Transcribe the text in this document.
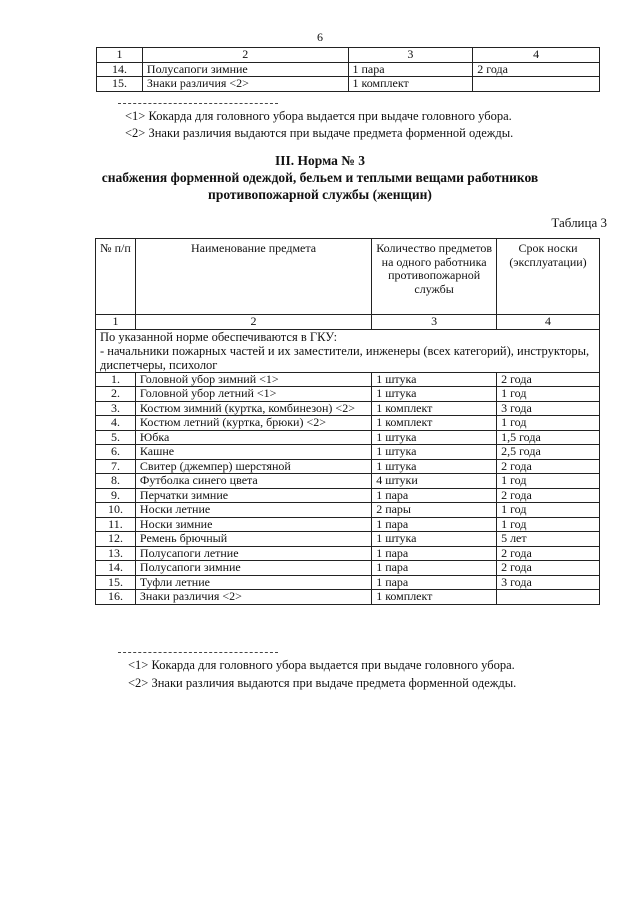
6
1	2	3	4
14.	Полусапоги зимние	1 пара	2 года
15.	Знаки различия <2>	1 комплект	
<1> Кокарда для головного убора выдается при выдаче головного убора.
<2> Знаки различия выдаются при выдаче предмета форменной одежды.
III. Норма № 3
снабжения форменной одеждой, бельем и теплыми вещами работников
противопожарной службы (женщин)
Таблица 3
№ п/п	Наименование предмета	Количество предметов на одного работника противопожарной службы	Срок носки (эксплуатации)
1	2	3	4

По указанной норме обеспечиваются в ГКУ:
- начальники пожарных частей и их заместители, инженеры (всех категорий), инструкторы, диспетчеры, психолог			

1.	Головной убор зимний <1>	1 штука	2 года
2.	Головной убор летний <1>	1 штука	1 год
3.	Костюм зимний (куртка, комбинезон) <2>	1 комплект	3 года
4.	Костюм летний (куртка, брюки) <2>	1 комплект	1 год
5.	Юбка	1 штука	1,5 года
6.	Кашне	1 штука	2,5 года
7.	Свитер (джемпер) шерстяной	1 штука	2 года
8.	Футболка синего цвета	4 штуки	1 год
9.	Перчатки зимние	1 пара	2 года
10.	Носки летние	2 пары	1 год
11.	Носки зимние	1 пара	1 год
12.	Ремень брючный	1 штука	5 лет
13.	Полусапоги летние	1 пара	2 года
14.	Полусапоги зимние	1 пара	2 года
15.	Туфли летние	1 пара	3 года
16.	Знаки различия <2>	1 комплект	
<1> Кокарда для головного убора выдается при выдаче головного убора.
<2> Знаки различия выдаются при выдаче предмета форменной одежды.
